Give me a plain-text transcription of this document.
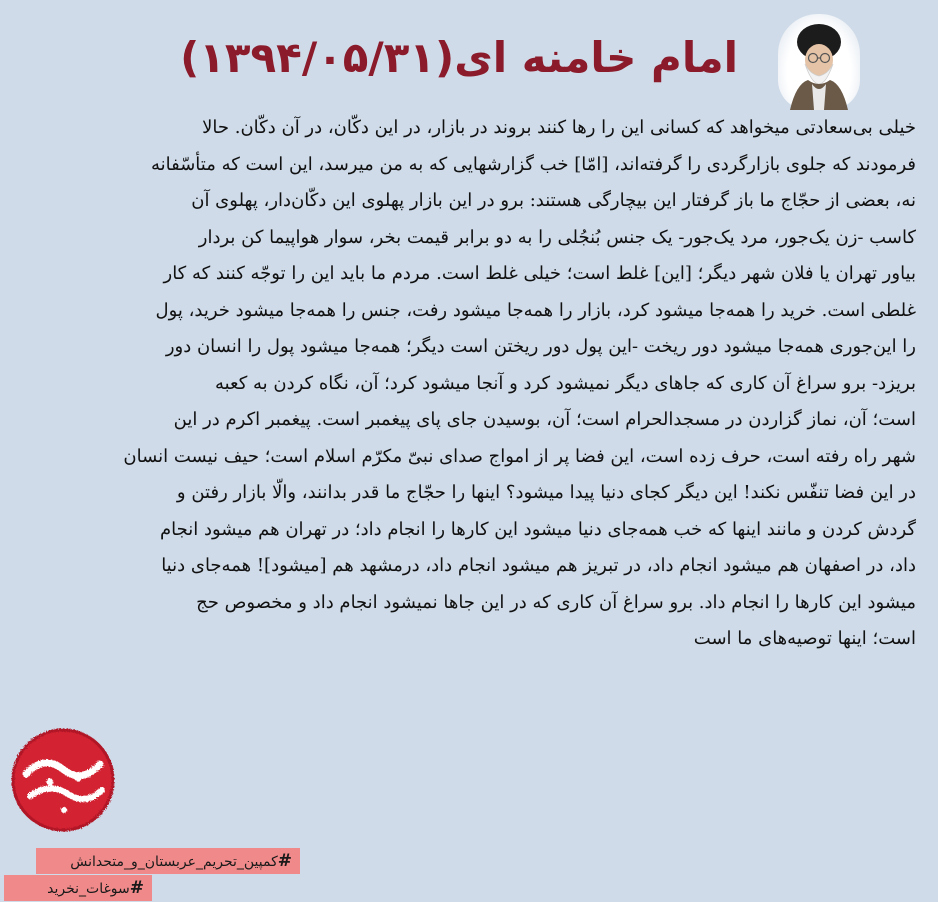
امام خامنه ای(۱۳۹۴/۰۵/۳۱)

خیلی بی‌سعادتی میخواهد که کسانی این را رها کنند بروند در بازار، در این دکّان، در آن دکّان. حالا

فرمودند که جلوی بازارگردی را گرفته‌اند، [امّا] خب گزارشهایی که به من میرسد، این است که متأسّفانه

نه، بعضی از حجّاج ما باز گرفتار این بیچارگی هستند: برو در این بازار پهلوی این دکّان‌دار، پهلوی آن

کاسب -زن یک‌جور، مرد یک‌جور- یک جنس بُنجُلی را به دو برابر قیمت بخر، سوار هواپیما کن بردار

بیاور تهران یا فلان شهر دیگر؛ [این] غلط است؛ خیلی غلط است. مردم ما باید این را توجّه کنند که کار

غلطی است. خرید را همه‌جا میشود کرد، بازار را همه‌جا میشود رفت، جنس را همه‌جا میشود خرید، پول

را این‌جوری همه‌جا میشود دور ریخت -این پول دور ریختن است دیگر؛ همه‌جا میشود پول را انسان دور

بریزد- برو سراغ آن کاری که جاهای دیگر نمیشود کرد و آنجا میشود کرد؛ آن، نگاه کردن به کعبه

است؛ آن، نماز گزاردن در مسجدالحرام است؛ آن، بوسیدن جای پای پیغمبر است. پیغمبر اکرم در این

شهر راه رفته است، حرف زده است، این فضا پر از امواج صدای نبیّ مکرّم اسلام است؛ حیف نیست انسان

در این فضا تنفّس نکند! این دیگر کجای دنیا پیدا میشود؟ اینها را حجّاج ما قدر بدانند، والّا بازار رفتن و

گردش کردن و مانند اینها که خب همه‌جای دنیا میشود این کارها را انجام داد؛ در تهران هم میشود انجام

داد، در اصفهان هم میشود انجام داد، در تبریز هم میشود انجام داد، درمشهد هم [میشود]! همه‌جای دنیا

میشود این کارها را انجام داد. برو سراغ آن کاری که در این جاها نمیشود انجام داد و مخصوص حج

است؛ اینها توصیه‌های ما است

#کمپین_تحریم_عربستان_و_متحدانش
#سوغات_نخرید
